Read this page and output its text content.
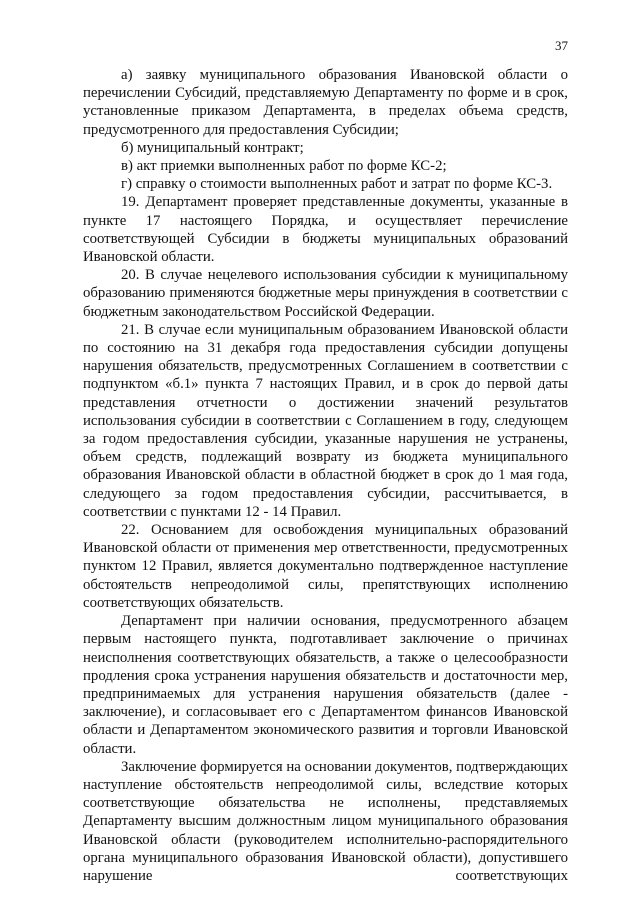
37

а) заявку муниципального образования Ивановской области о перечислении Субсидий, представляемую Департаменту по форме и в срок, установленные приказом Департамента, в пределах объема средств, предусмотренного для предоставления Субсидии;

б) муниципальный контракт;

в) акт приемки выполненных работ по форме КС-2;

г) справку о стоимости выполненных работ и затрат по форме КС-3.

19. Департамент проверяет представленные документы, указанные в пункте 17 настоящего Порядка, и осуществляет перечисление соответствующей Субсидии в бюджеты муниципальных образований Ивановской области.

20. В случае нецелевого использования субсидии к муниципальному образованию применяются бюджетные меры принуждения в соответствии с бюджетным законодательством Российской Федерации.

21. В случае если муниципальным образованием Ивановской области по состоянию на 31 декабря года предоставления субсидии допущены нарушения обязательств, предусмотренных Соглашением в соответствии с подпунктом «б.1» пункта 7 настоящих Правил, и в срок до первой даты представления отчетности о достижении значений результатов использования субсидии в соответствии с Соглашением в году, следующем за годом предоставления субсидии, указанные нарушения не устранены, объем средств, подлежащий возврату из бюджета муниципального образования Ивановской области в областной бюджет в срок до 1 мая года, следующего за годом предоставления субсидии, рассчитывается, в соответствии с пунктами 12 - 14 Правил.

22. Основанием для освобождения муниципальных образований Ивановской области от применения мер ответственности, предусмотренных пунктом 12 Правил, является документально подтвержденное наступление обстоятельств непреодолимой силы, препятствующих исполнению соответствующих обязательств.

Департамент при наличии основания, предусмотренного абзацем первым настоящего пункта, подготавливает заключение о причинах неисполнения соответствующих обязательств, а также о целесообразности продления срока устранения нарушения обязательств и достаточности мер, предпринимаемых для устранения нарушения обязательств (далее - заключение), и согласовывает его с Департаментом финансов Ивановской области и Департаментом экономического развития и торговли Ивановской области.

Заключение формируется на основании документов, подтверждающих наступление обстоятельств непреодолимой силы, вследствие которых соответствующие обязательства не исполнены, представляемых Департаменту высшим должностным лицом муниципального образования Ивановской области (руководителем исполнительно-распорядительного органа муниципального образования Ивановской области), допустившего нарушение соответствующих
